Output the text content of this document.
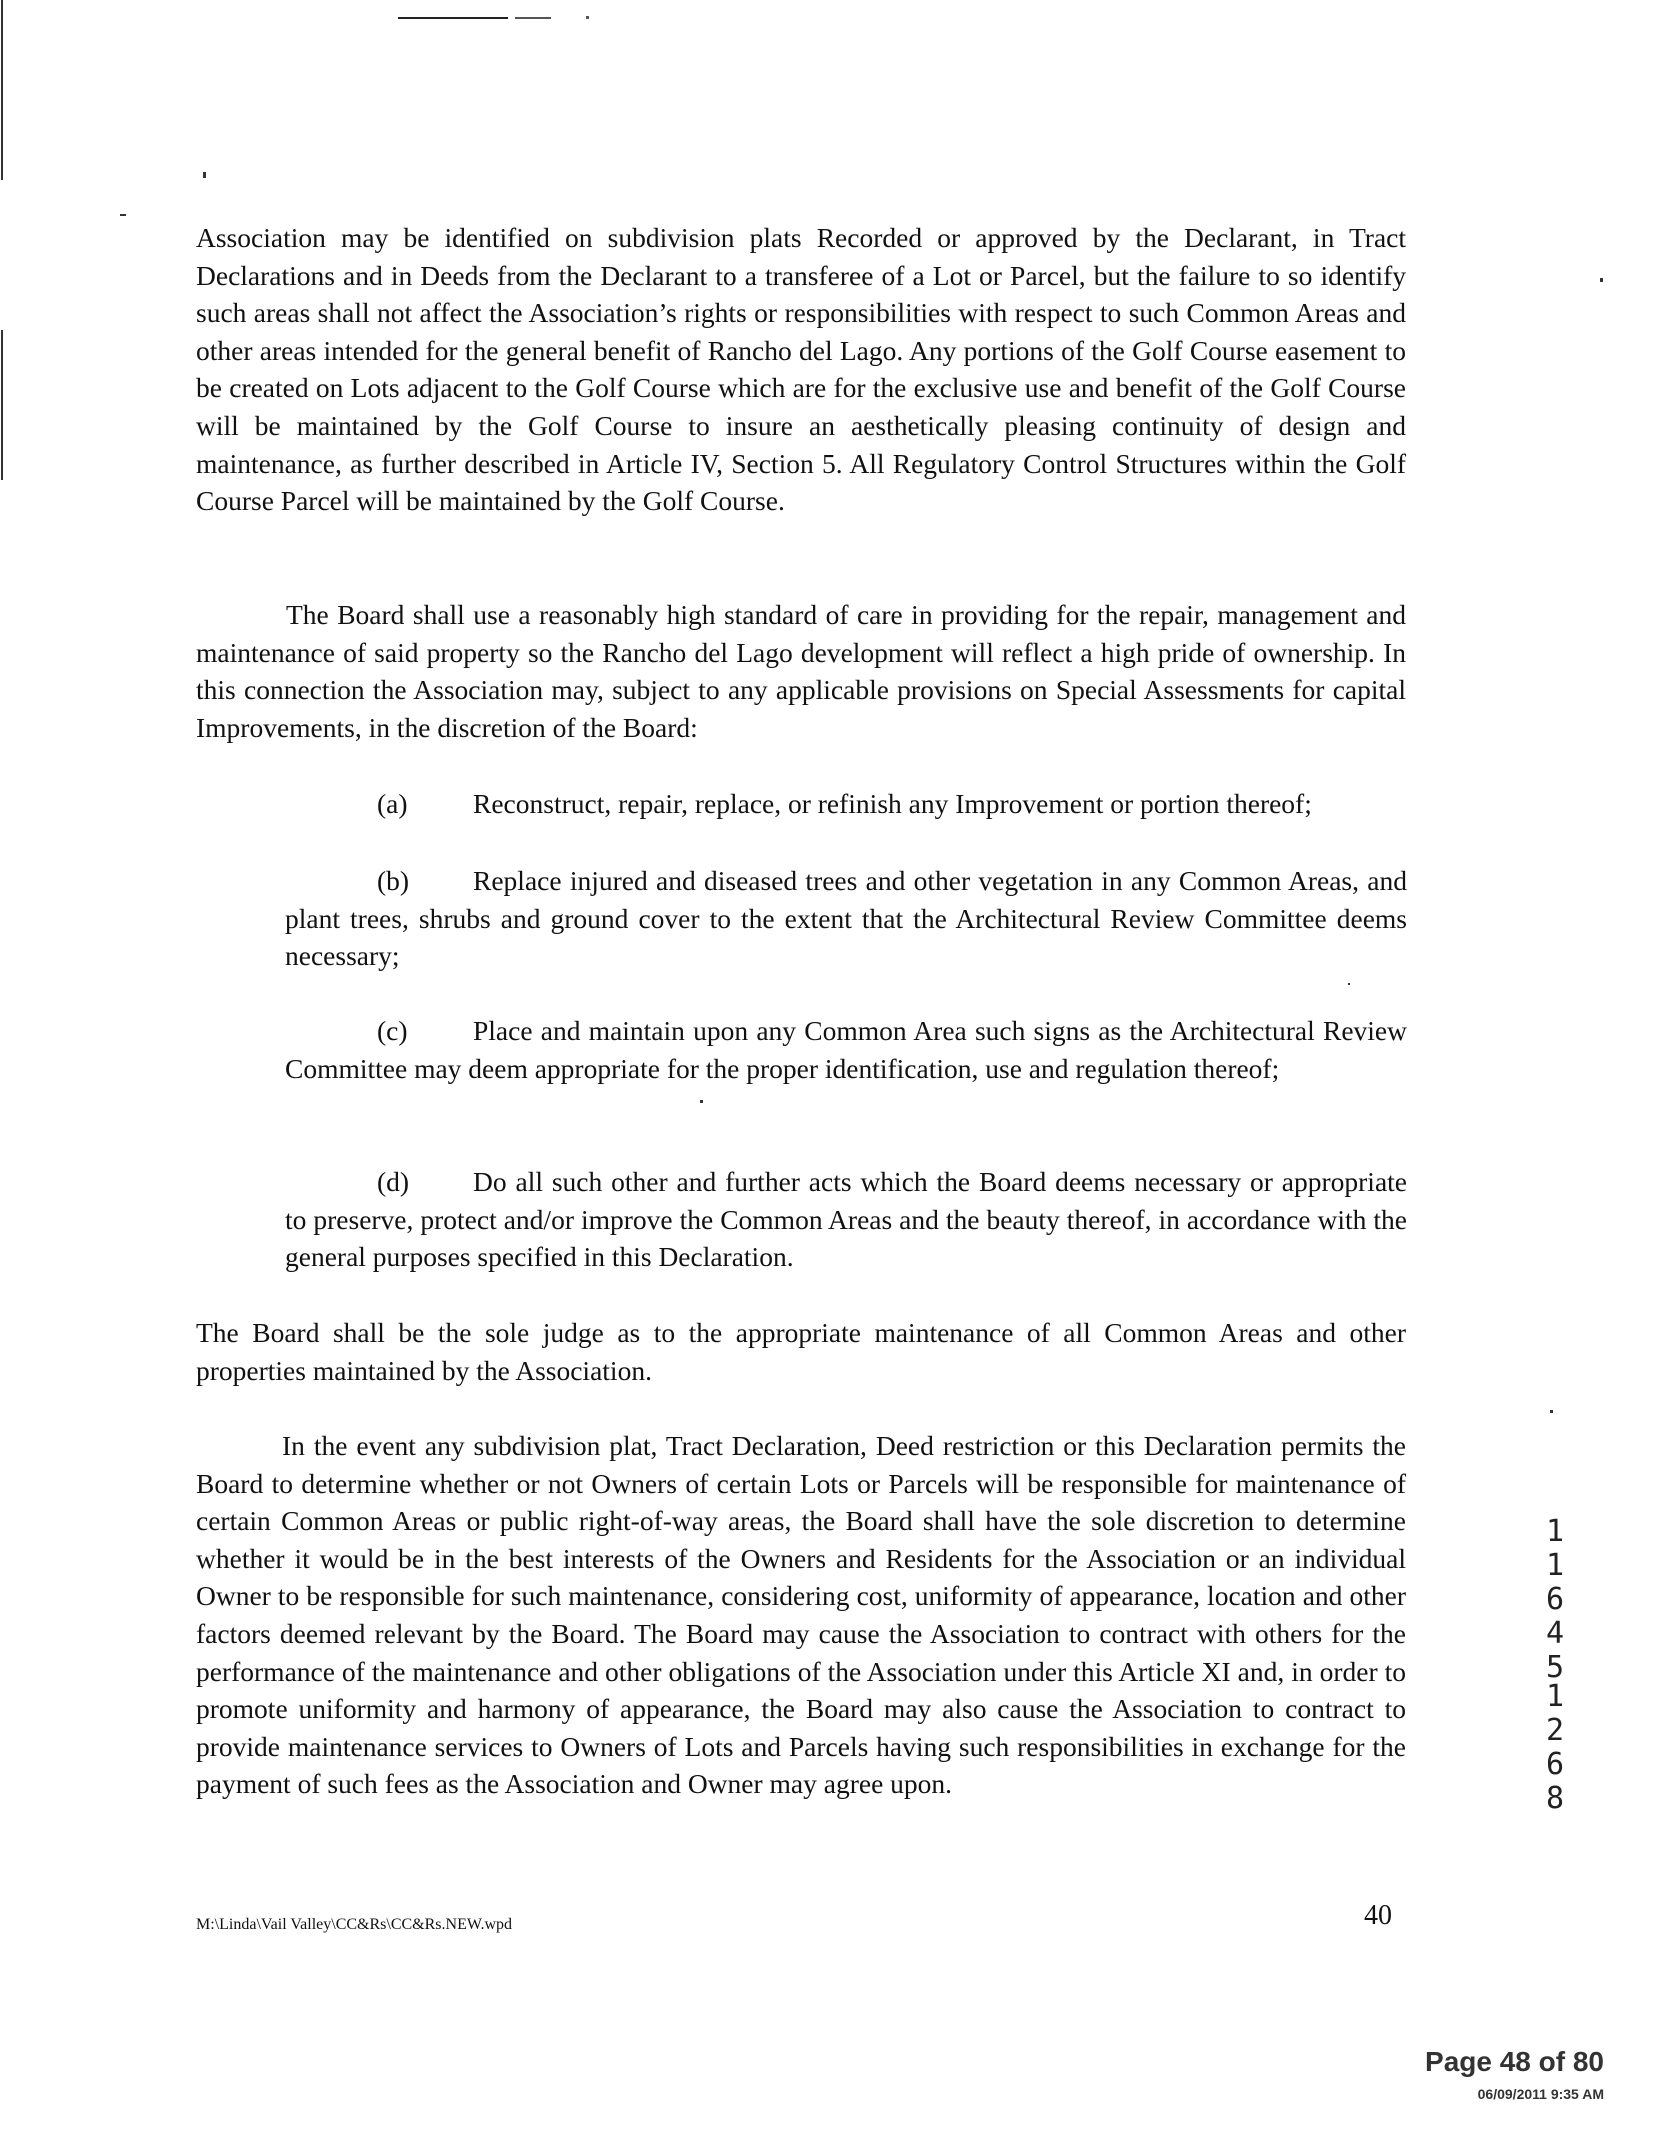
Association may be identified on subdivision plats Recorded or approved by the Declarant, in Tract Declarations and in Deeds from the Declarant to a transferee of a Lot or Parcel, but the failure to so identify such areas shall not affect the Association’s rights or responsibilities with respect to such Common Areas and other areas intended for the general benefit of Rancho del Lago. Any portions of the Golf Course easement to be created on Lots adjacent to the Golf Course which are for the exclusive use and benefit of the Golf Course will be maintained by the Golf Course to insure an aesthetically pleasing continuity of design and maintenance, as further described in Article IV, Section 5. All Regulatory Control Structures within the Golf Course Parcel will be maintained by the Golf Course.
The Board shall use a reasonably high standard of care in providing for the repair, management and maintenance of said property so the Rancho del Lago development will reflect a high pride of ownership. In this connection the Association may, subject to any applicable provisions on Special Assessments for capital Improvements, in the discretion of the Board:
(a) Reconstruct, repair, replace, or refinish any Improvement or portion thereof;
(b) Replace injured and diseased trees and other vegetation in any Common Areas, and plant trees, shrubs and ground cover to the extent that the Architectural Review Committee deems necessary;
(c) Place and maintain upon any Common Area such signs as the Architectural Review Committee may deem appropriate for the proper identification, use and regulation thereof;
(d) Do all such other and further acts which the Board deems necessary or appropriate to preserve, protect and/or improve the Common Areas and the beauty thereof, in accordance with the general purposes specified in this Declaration.
The Board shall be the sole judge as to the appropriate maintenance of all Common Areas and other properties maintained by the Association.
In the event any subdivision plat, Tract Declaration, Deed restriction or this Declaration permits the Board to determine whether or not Owners of certain Lots or Parcels will be responsible for maintenance of certain Common Areas or public right-of-way areas, the Board shall have the sole discretion to determine whether it would be in the best interests of the Owners and Residents for the Association or an individual Owner to be responsible for such maintenance, considering cost, uniformity of appearance, location and other factors deemed relevant by the Board. The Board may cause the Association to contract with others for the performance of the maintenance and other obligations of the Association under this Article XI and, in order to promote uniformity and harmony of appearance, the Board may also cause the Association to contract to provide maintenance services to Owners of Lots and Parcels having such responsibilities in exchange for the payment of such fees as the Association and Owner may agree upon.
M:\Linda\Vail Valley\CC&Rs\CC&Rs.NEW.wpd	40
1
1
6
4
5
1
2
6
8
Page 48 of 80
06/09/2011 9:35 AM
